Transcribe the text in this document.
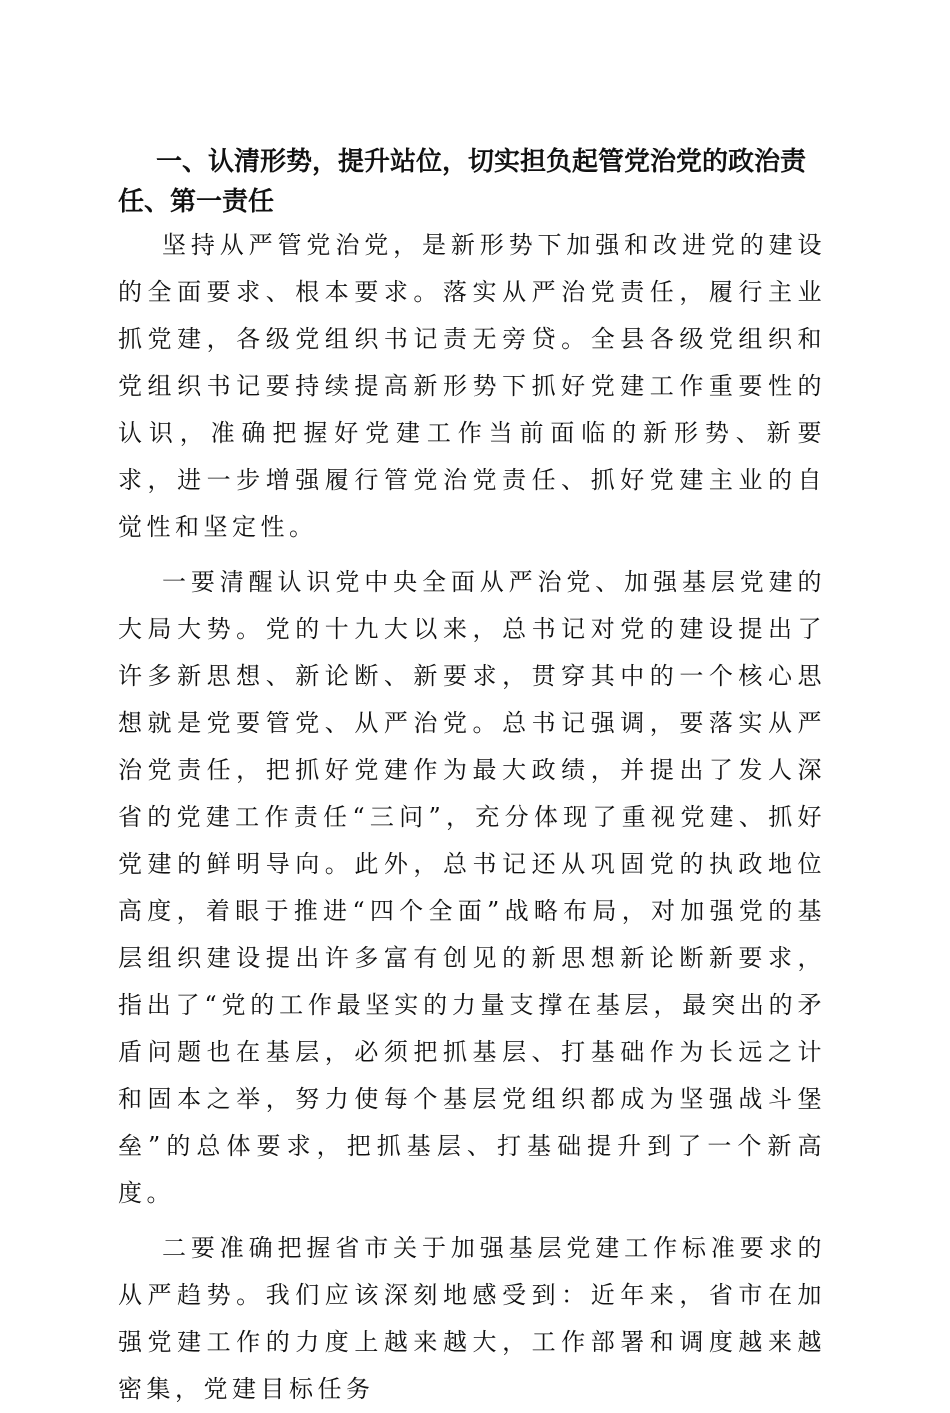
一、认清形势，提升站位，切实担负起管党治党的政治责任、第一责任

坚持从严管党治党，是新形势下加强和改进党的建设的全面要求、根本要求。落实从严治党责任，履行主业抓党建，各级党组织书记责无旁贷。全县各级党组织和党组织书记要持续提高新形势下抓好党建工作重要性的认识，准确把握好党建工作当前面临的新形势、新要求，进一步增强履行管党治党责任、抓好党建主业的自觉性和坚定性。

一要清醒认识党中央全面从严治党、加强基层党建的大局大势。党的十九大以来，总书记对党的建设提出了许多新思想、新论断、新要求，贯穿其中的一个核心思想就是党要管党、从严治党。总书记强调，要落实从严治党责任，把抓好党建作为最大政绩，并提出了发人深省的党建工作责任“三问”，充分体现了重视党建、抓好党建的鲜明导向。此外，总书记还从巩固党的执政地位高度，着眼于推进“四个全面”战略布局，对加强党的基层组织建设提出许多富有创见的新思想新论断新要求，指出了“党的工作最坚实的力量支撑在基层，最突出的矛盾问题也在基层，必须把抓基层、打基础作为长远之计和固本之举，努力使每个基层党组织都成为坚强战斗堡垒”的总体要求，把抓基层、打基础提升到了一个新高度。

二要准确把握省市关于加强基层党建工作标准要求的从严趋势。我们应该深刻地感受到：近年来，省市在加强党建工作的力度上越来越大，工作部署和调度越来越密集，党建目标任务
